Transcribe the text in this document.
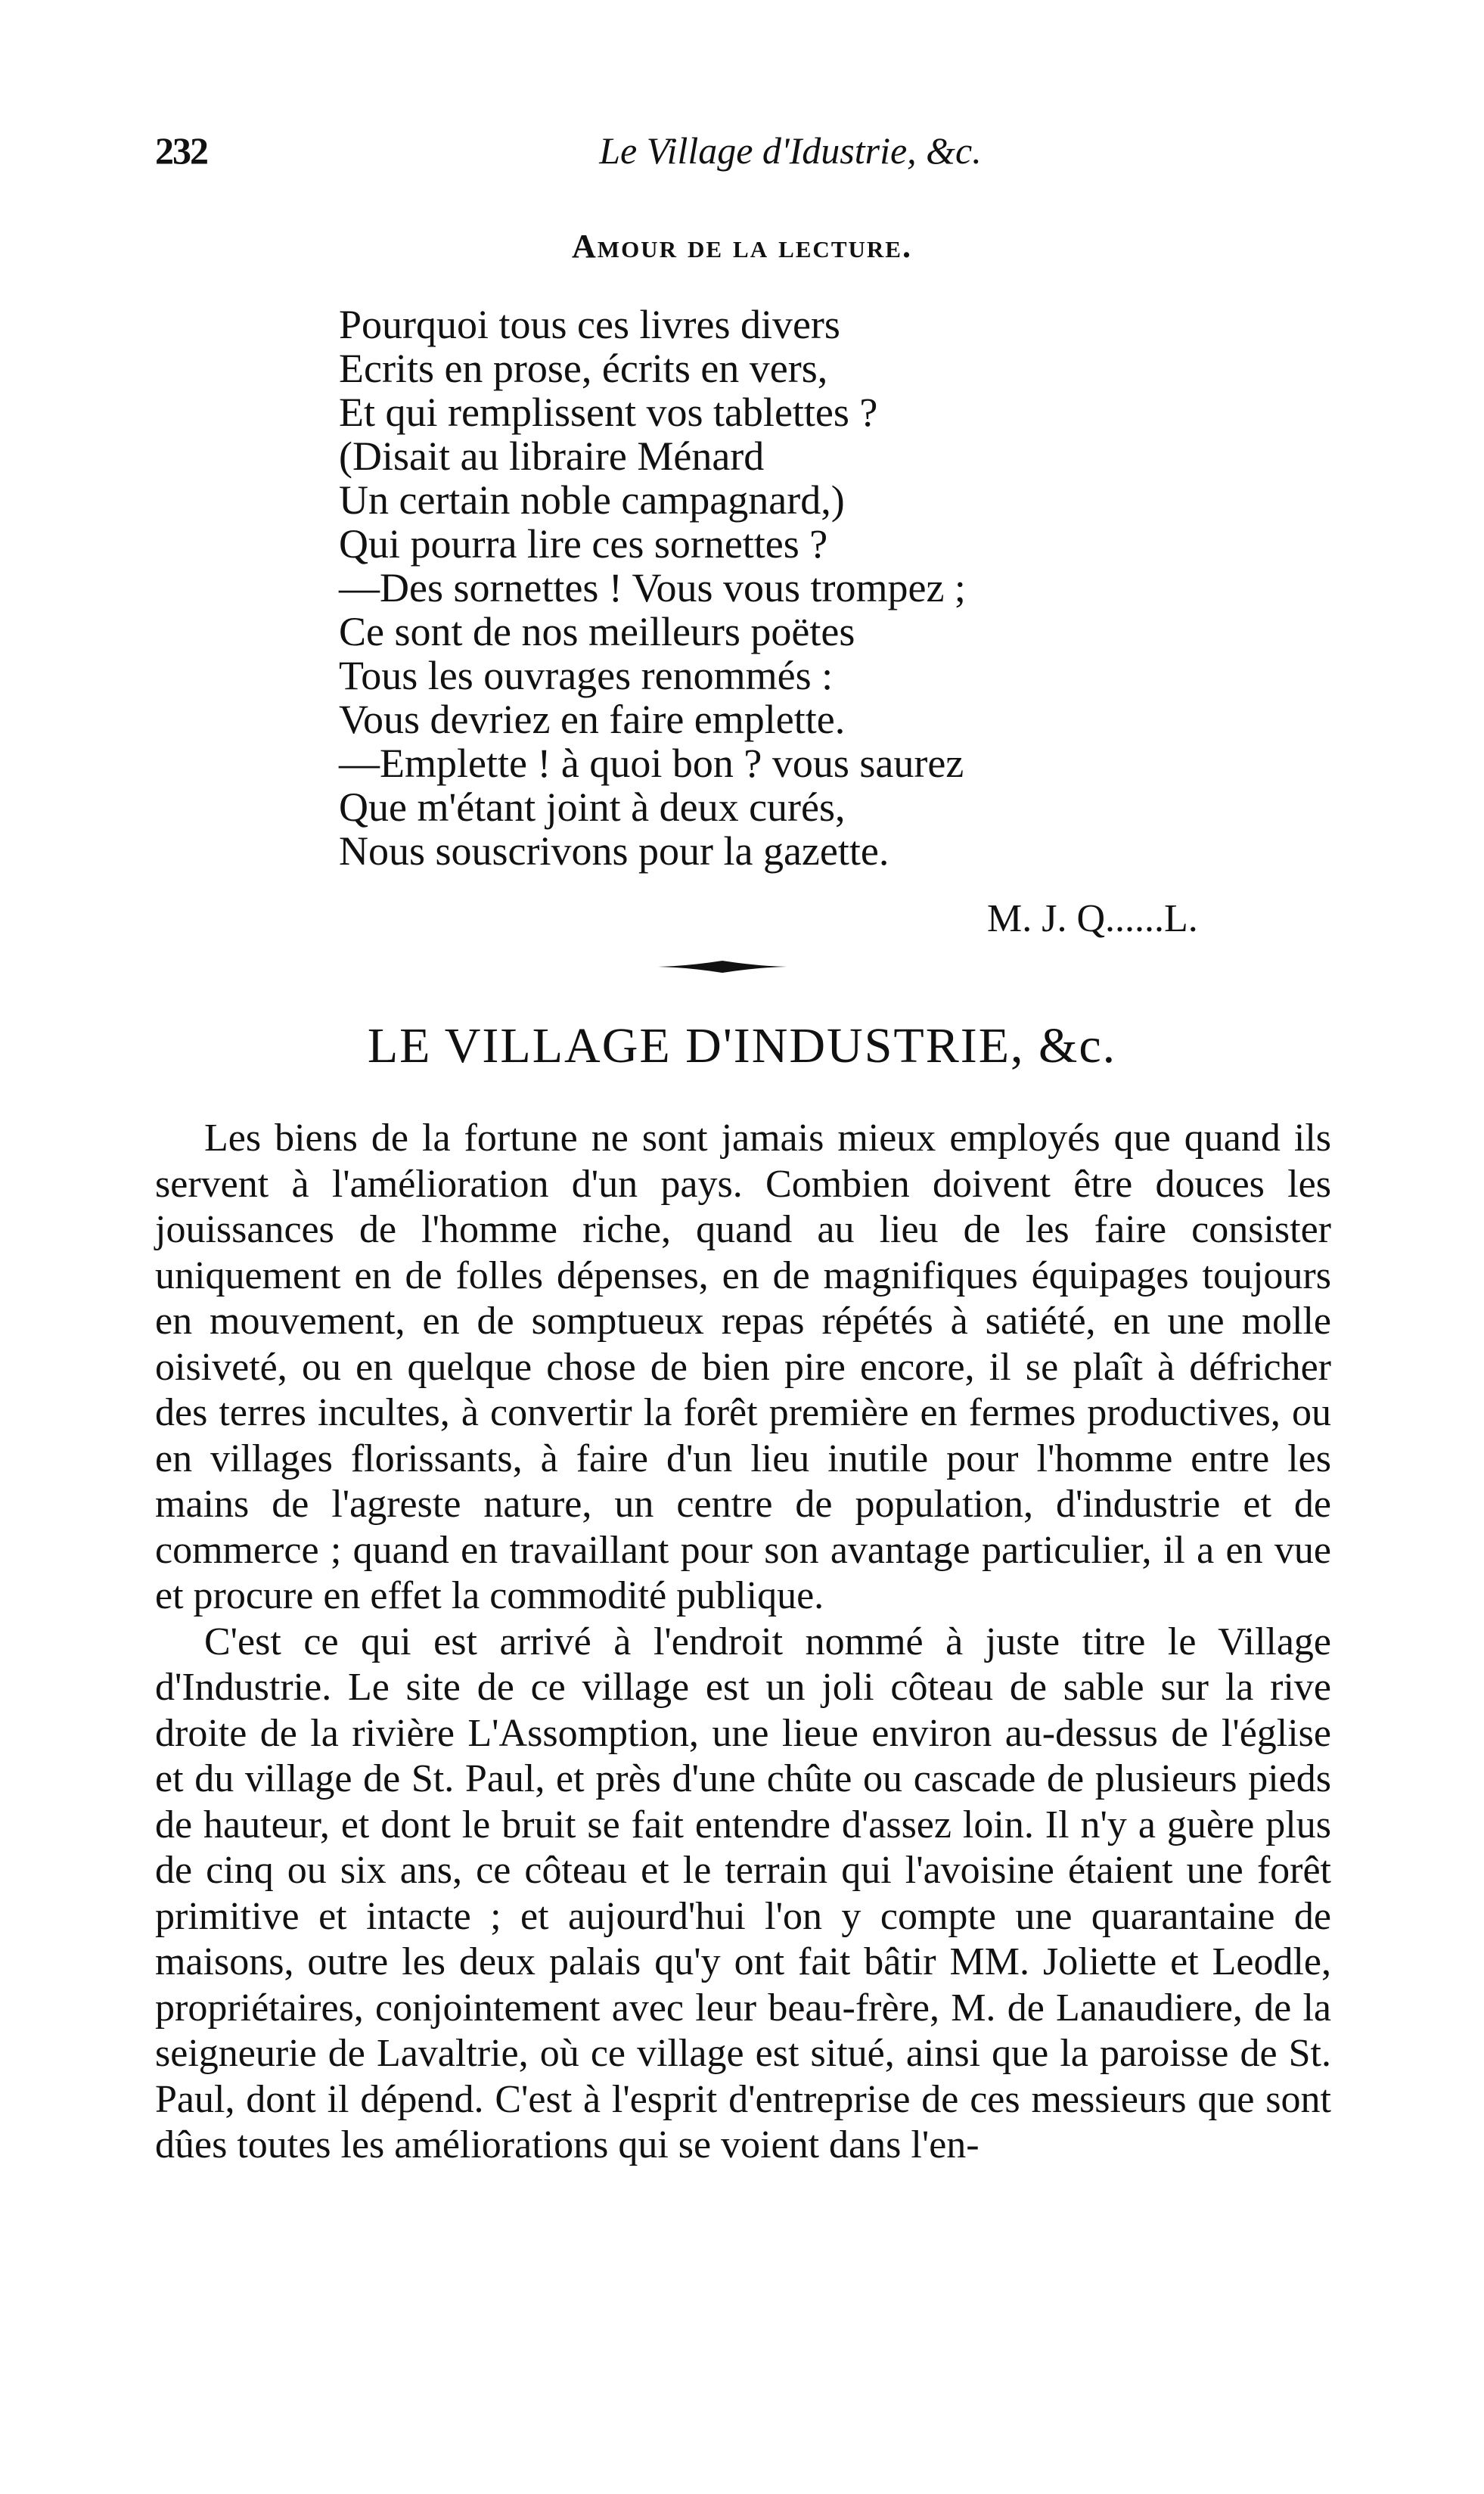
232	Le Village d'Idustrie, &c.
Amour de la lecture.
Pourquoi tous ces livres divers
Ecrits en prose, écrits en vers,
Et qui remplissent vos tablettes ?
(Disait au libraire Ménard
Un certain noble campagnard,)
Qui pourra lire ces sornettes ?
—Des sornettes ! Vous vous trompez ;
Ce sont de nos meilleurs poëtes
Tous les ouvrages renommés :
Vous devriez en faire emplette.
—Emplette ! à quoi bon ? vous saurez
Que m'étant joint à deux curés,
Nous souscrivons pour la gazette.
M. J. Q......L.
LE VILLAGE D'INDUSTRIE, &c.

Les biens de la fortune ne sont jamais mieux employés que quand ils servent à l'amélioration d'un pays. Combien doivent être douces les jouissances de l'homme riche, quand au lieu de les faire consister uniquement en de folles dépenses, en de magnifiques équipages toujours en mouvement, en de somptueux repas répétés à satiété, en une molle oisiveté, ou en quelque chose de bien pire encore, il se plaît à défricher des terres incultes, à convertir la forêt première en fermes productives, ou en villages florissants, à faire d'un lieu inutile pour l'homme entre les mains de l'agreste nature, un centre de population, d'industrie et de commerce ; quand en travaillant pour son avantage particulier, il a en vue et procure en effet la commodité publique.

C'est ce qui est arrivé à l'endroit nommé à juste titre le Village d'Industrie. Le site de ce village est un joli côteau de sable sur la rive droite de la rivière L'Assomption, une lieue environ au-dessus de l'église et du village de St. Paul, et près d'une chûte ou cascade de plusieurs pieds de hauteur, et dont le bruit se fait entendre d'assez loin. Il n'y a guère plus de cinq ou six ans, ce côteau et le terrain qui l'avoisine étaient une forêt primitive et intacte ; et aujourd'hui l'on y compte une quarantaine de maisons, outre les deux palais qu'y ont fait bâtir MM. Joliette et Leodle, propriétaires, conjointement avec leur beau-frère, M. de Lanaudiere, de la seigneurie de Lavaltrie, où ce village est situé, ainsi que la paroisse de St. Paul, dont il dépend. C'est à l'esprit d'entreprise de ces messieurs que sont dûes toutes les améliorations qui se voient dans l'en-
